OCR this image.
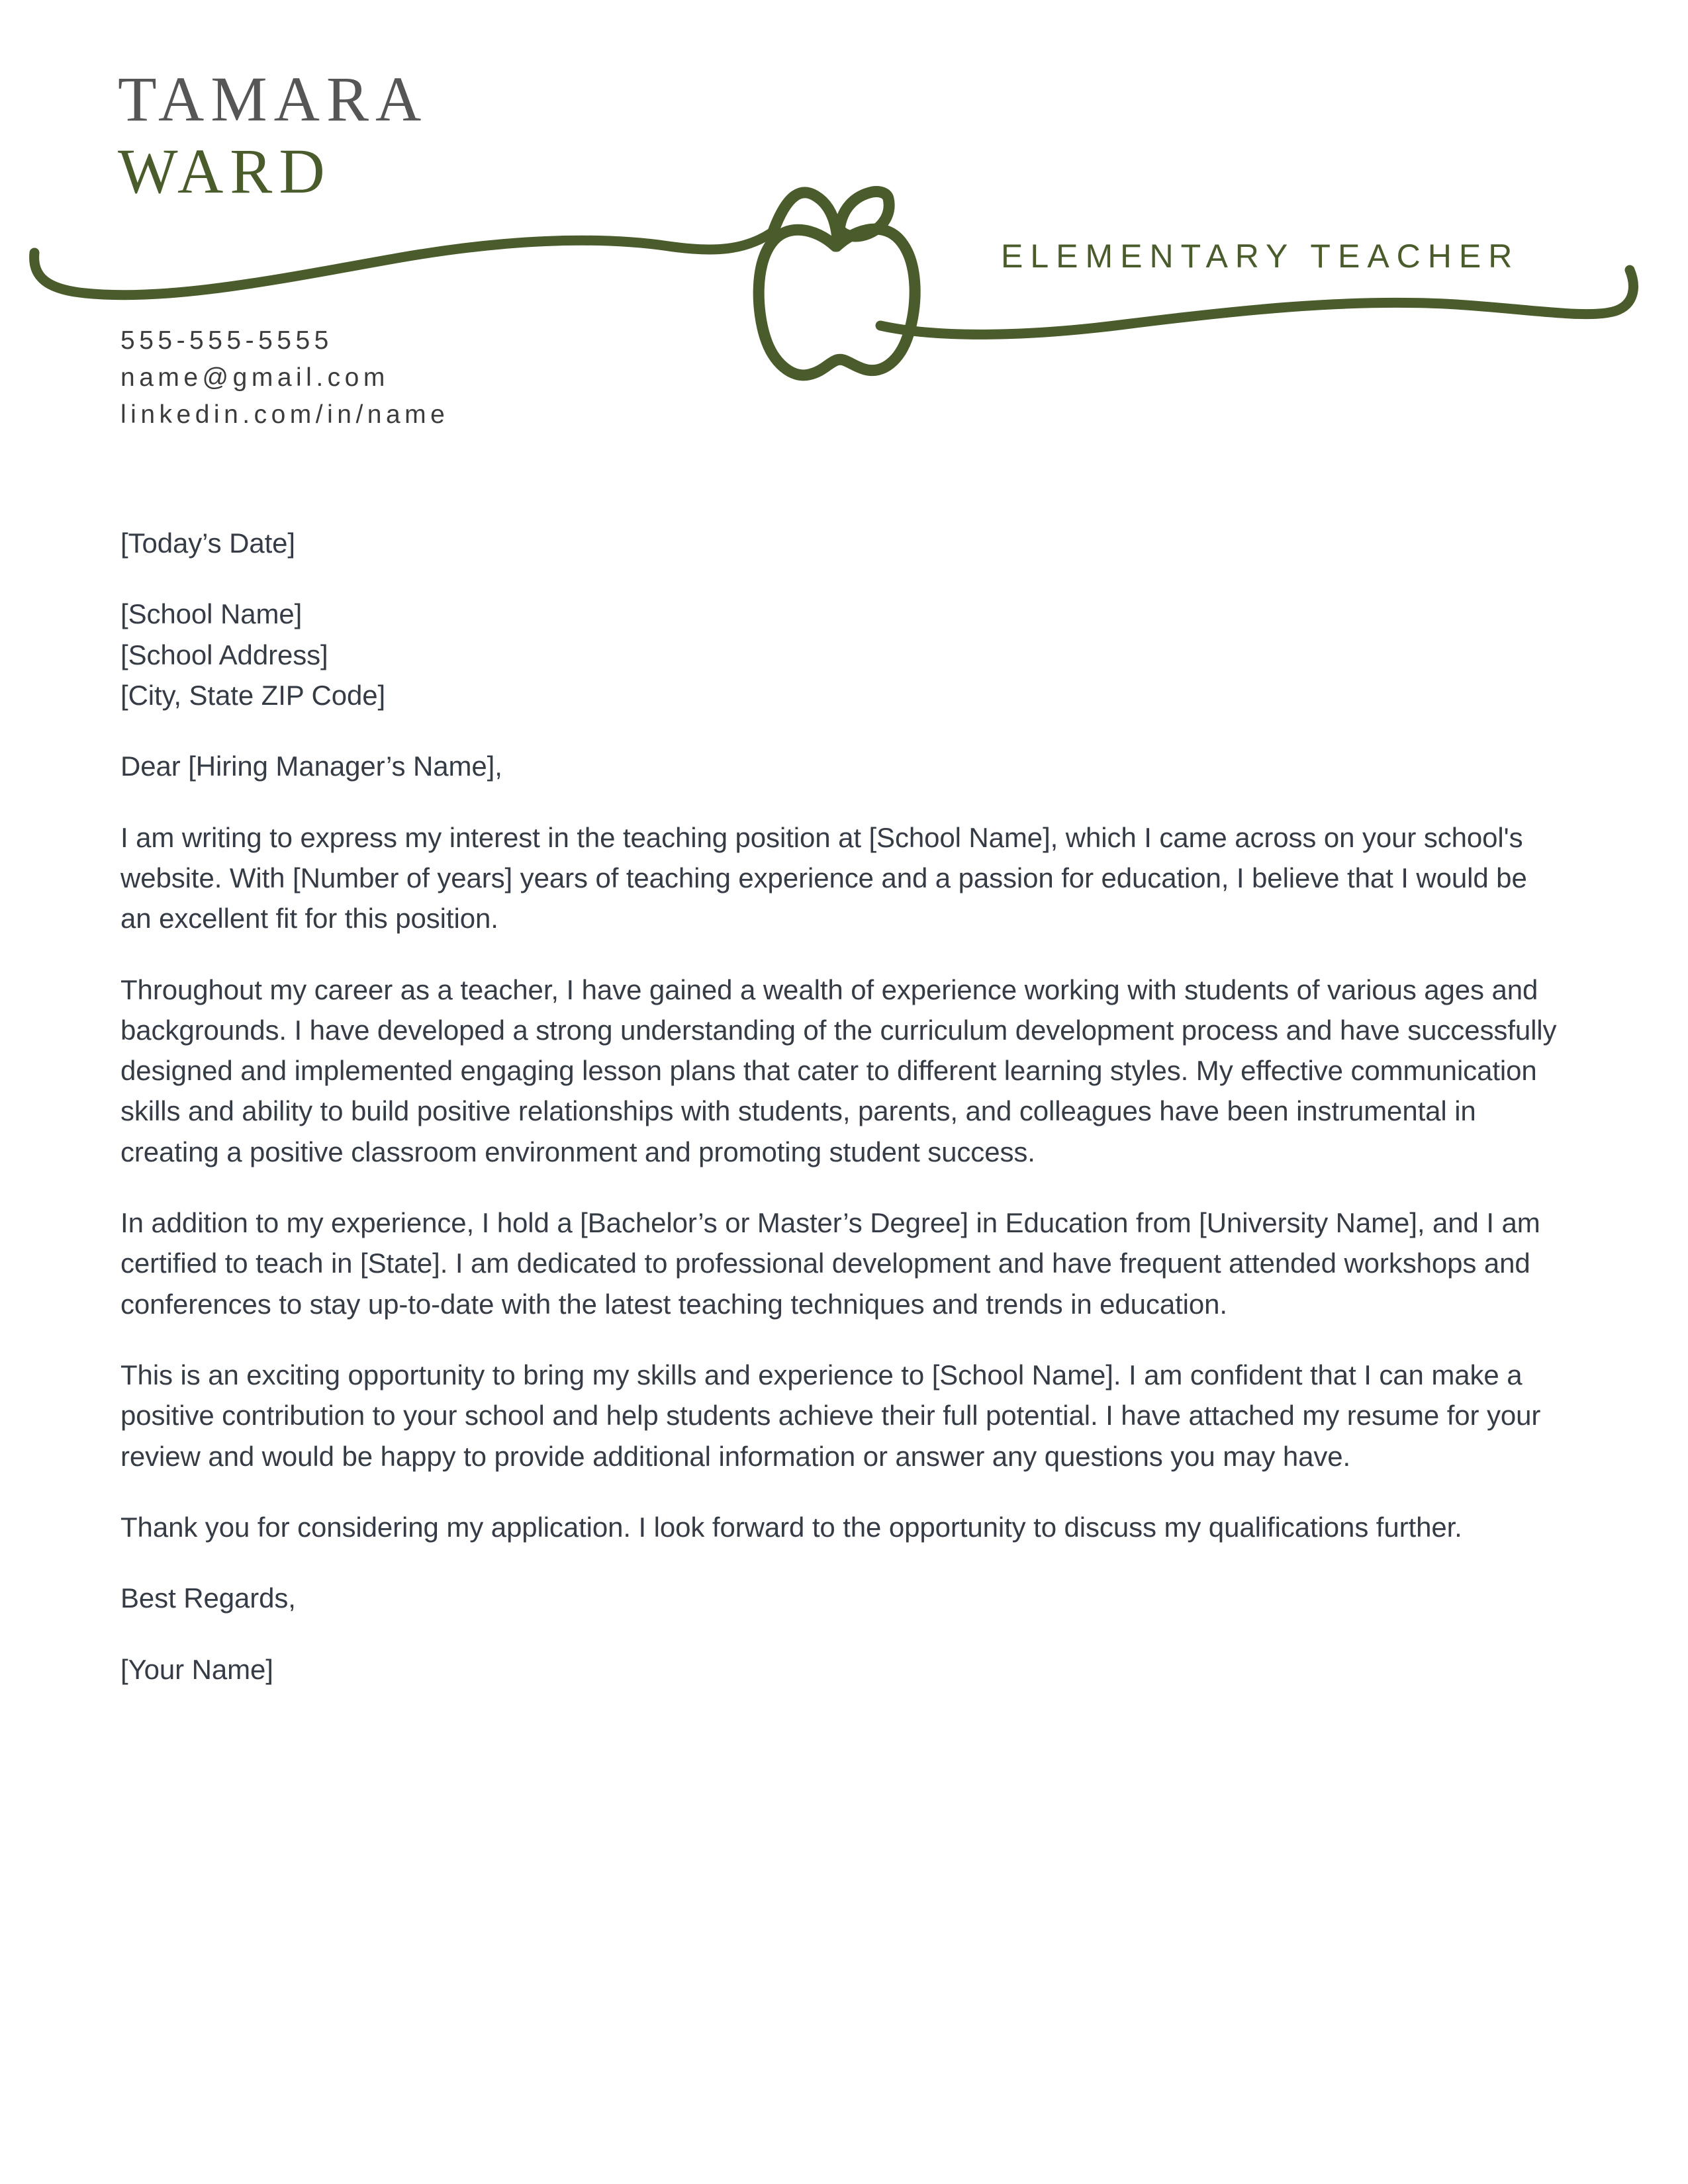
TAMARA
WARD
ELEMENTARY TEACHER
555-555-5555
name@gmail.com
linkedin.com/in/name
[Today’s Date]
[School Name]
[School Address]
[City, State ZIP Code]
Dear [Hiring Manager’s Name],

I am writing to express my interest in the teaching position at [School Name], which I came across on your school's website. With [Number of years] years of teaching experience and a passion for education, I believe that I would be an excellent fit for this position.

Throughout my career as a teacher, I have gained a wealth of experience working with students of various ages and backgrounds. I have developed a strong understanding of the curriculum development process and have successfully designed and implemented engaging lesson plans that cater to different learning styles. My effective communication skills and ability to build positive relationships with students, parents, and colleagues have been instrumental in creating a positive classroom environment and promoting student success.

In addition to my experience, I hold a [Bachelor’s or Master’s Degree] in Education from [University Name], and I am certified to teach in [State]. I am dedicated to professional development and have frequent attended workshops and conferences to stay up-to-date with the latest teaching techniques and trends in education.

This is an exciting opportunity to bring my skills and experience to [School Name]. I am confident that I can make a positive contribution to your school and help students achieve their full potential. I have attached my resume for your review and would be happy to provide additional information or answer any questions you may have.

Thank you for considering my application. I look forward to the opportunity to discuss my qualifications further.

Best Regards,
[Your Name]
